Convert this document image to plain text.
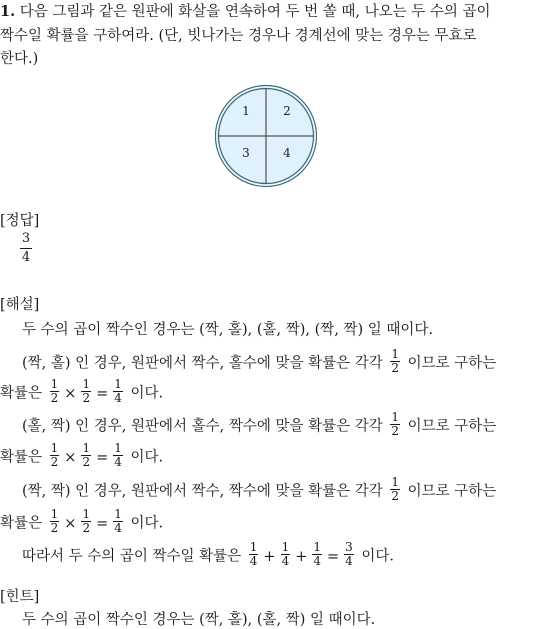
1. 다음 그림과 같은 원판에 화살을 연속하여 두 번 쏠 때, 나오는 두 수의 곱이
짝수일 확률을 구하여라. (단, 빗나가는 경우나 경계선에 맞는 경우는 무효로
한다.)
1	2
3	4
[정답]
3
4
[해설]
두 수의 곱이 짝수인 경우는 (짝, 홀), (홀, 짝), (짝, 짝) 일 때이다.
(짝, 홀) 인 경우, 원판에서 짝수, 홀수에 맞을 확률은 각각 $\frac{1}{2}$ 이므로 구하는
확률은 $\frac{1}{2} \times \frac{1}{2} = \frac{1}{4}$ 이다.
(홀, 짝) 인 경우, 원판에서 홀수, 짝수에 맞을 확률은 각각 $\frac{1}{2}$ 이므로 구하는
확률은 $\frac{1}{2} \times \frac{1}{2} = \frac{1}{4}$ 이다.
(짝, 짝) 인 경우, 원판에서 짝수, 짝수에 맞을 확률은 각각 $\frac{1}{2}$ 이므로 구하는
확률은 $\frac{1}{2} \times \frac{1}{2} = \frac{1}{4}$ 이다.
따라서 두 수의 곱이 짝수일 확률은 $\frac{1}{4} + \frac{1}{4} + \frac{1}{4} = \frac{3}{4}$ 이다.
[힌트]
두 수의 곱이 짝수인 경우는 (짝, 홀), (홀, 짝) 일 때이다.
